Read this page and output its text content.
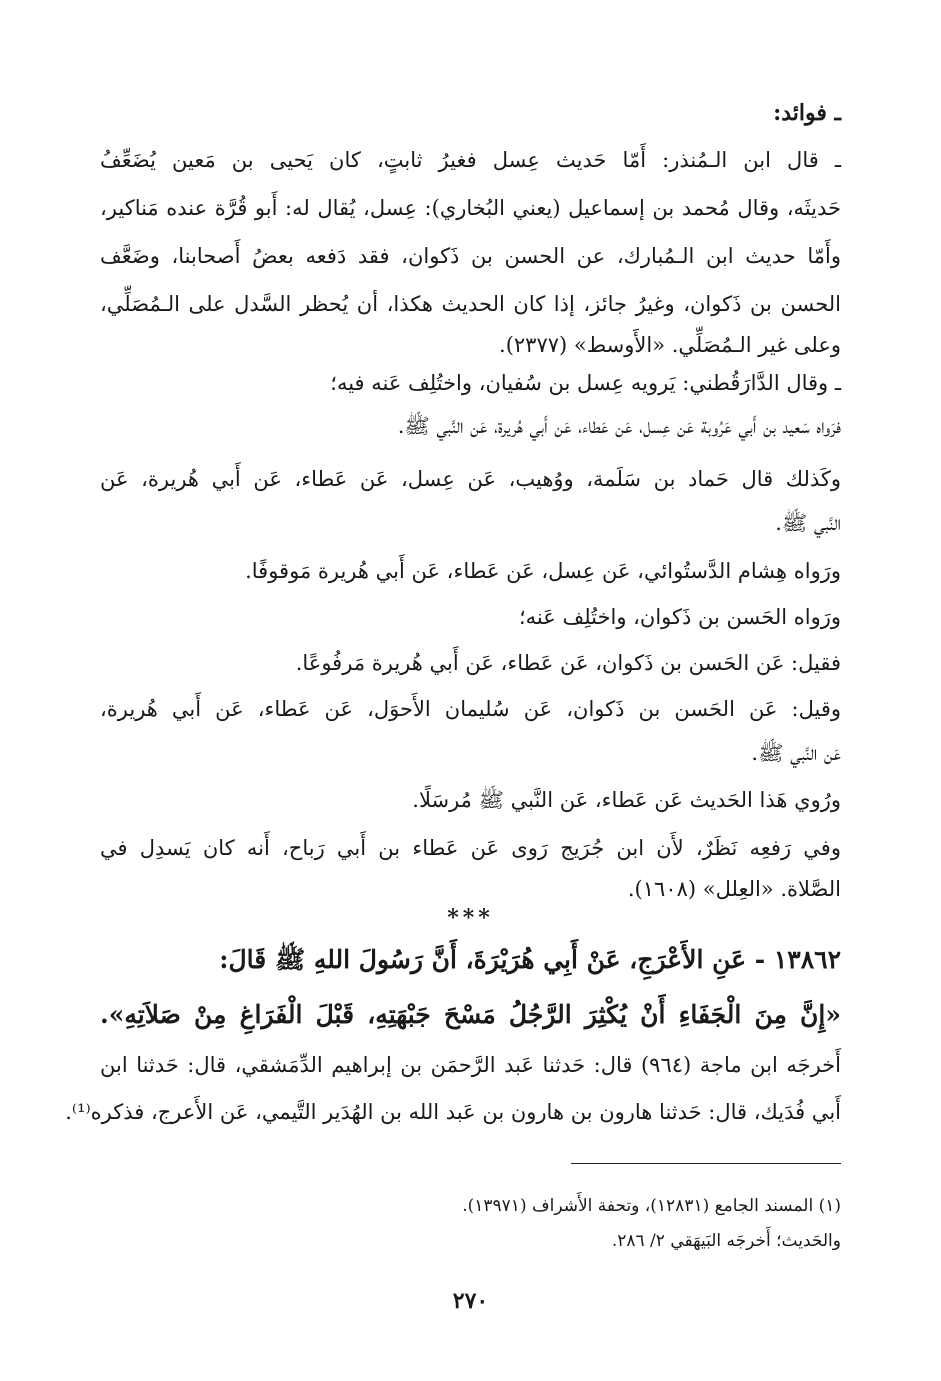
ـ فوائد:
ـ قال ابن الـمُنذر: أَمّا حَديث عِسل فغيرُ ثابتٍ، كان يَحيى بن مَعين يُضَعِّفُ
حَديثَه، وقال مُحمد بن إسماعيل (يعني البُخاري): عِسل، يُقال له: أَبو قُرَّة عنده مَناكير،
وأَمّا حديث ابن الـمُبارك، عن الحسن بن ذَكوان، فقد دَفعه بعضُ أَصحابنا، وضَعَّف
الحسن بن ذَكوان، وغيرُ جائز، إذا كان الحديث هكذا، أن يُحظر السَّدل على الـمُصَلِّي،
وعلى غير الـمُصَلِّي. «الأَوسط» (٢٣٧٧).
ـ وقال الدَّارَقُطني: يَرويه عِسل بن سُفيان، واختُلِف عَنه فيه؛
فرَواه سَعيد بن أَبي عَرُوبة عَن عِسل، عَن عَطاء، عَن أَبي هُريرة، عَن النَّبي ﷺ.
وكَذلك قال حَماد بن سَلَمة، ووُهيب، عَن عِسل، عَن عَطاء، عَن أَبي هُريرة، عَن
النَّبي ﷺ.
ورَواه هِشام الدَّستُوائي، عَن عِسل، عَن عَطاء، عَن أَبي هُريرة مَوقوفًا.
ورَواه الحَسن بن ذَكوان، واختُلِف عَنه؛
فقيل: عَن الحَسن بن ذَكوان، عَن عَطاء، عَن أَبي هُريرة مَرفُوعًا.
وقيل: عَن الحَسن بن ذَكوان، عَن سُليمان الأَحوَل، عَن عَطاء، عَن أَبي هُريرة،
عَن النَّبي ﷺ.
ورُوي هَذا الحَديث عَن عَطاء، عَن النَّبي ﷺ مُرسَلًا.
وفي رَفعِه نَظَرٌ، لأَن ابن جُرَيج رَوى عَن عَطاء بن أَبي رَباح، أَنه كان يَسدِل في
الصَّلاة. «العِلل» (١٦٠٨).
***
١٣٨٦٢ - عَنِ الأَعْرَجِ، عَنْ أَبِي هُرَيْرَةَ، أَنَّ رَسُولَ اللهِ ﷺ قَالَ:
«إِنَّ مِنَ الْجَفَاءِ أَنْ يُكْثِرَ الرَّجُلُ مَسْحَ جَبْهَتِهِ، قَبْلَ الْفَرَاغِ مِنْ صَلاَتِهِ».
أَخرجَه ابن ماجة (٩٦٤) قال: حَدثنا عَبد الرَّحمَن بن إبراهيم الدِّمَشقي، قال: حَدثنا ابن
أَبي فُدَيك، قال: حَدثنا هارون بن هارون بن عَبد الله بن الهُدَير التَّيمي، عَن الأَعرج، فذكره⁽¹⁾.
(١) المسند الجامع (١٢٨٣١)، وتحفة الأَشراف (١٣٩٧١).
والحَديث؛ أَخرجَه البَيهَقي ٢/ ٢٨٦.
٢٧٠
